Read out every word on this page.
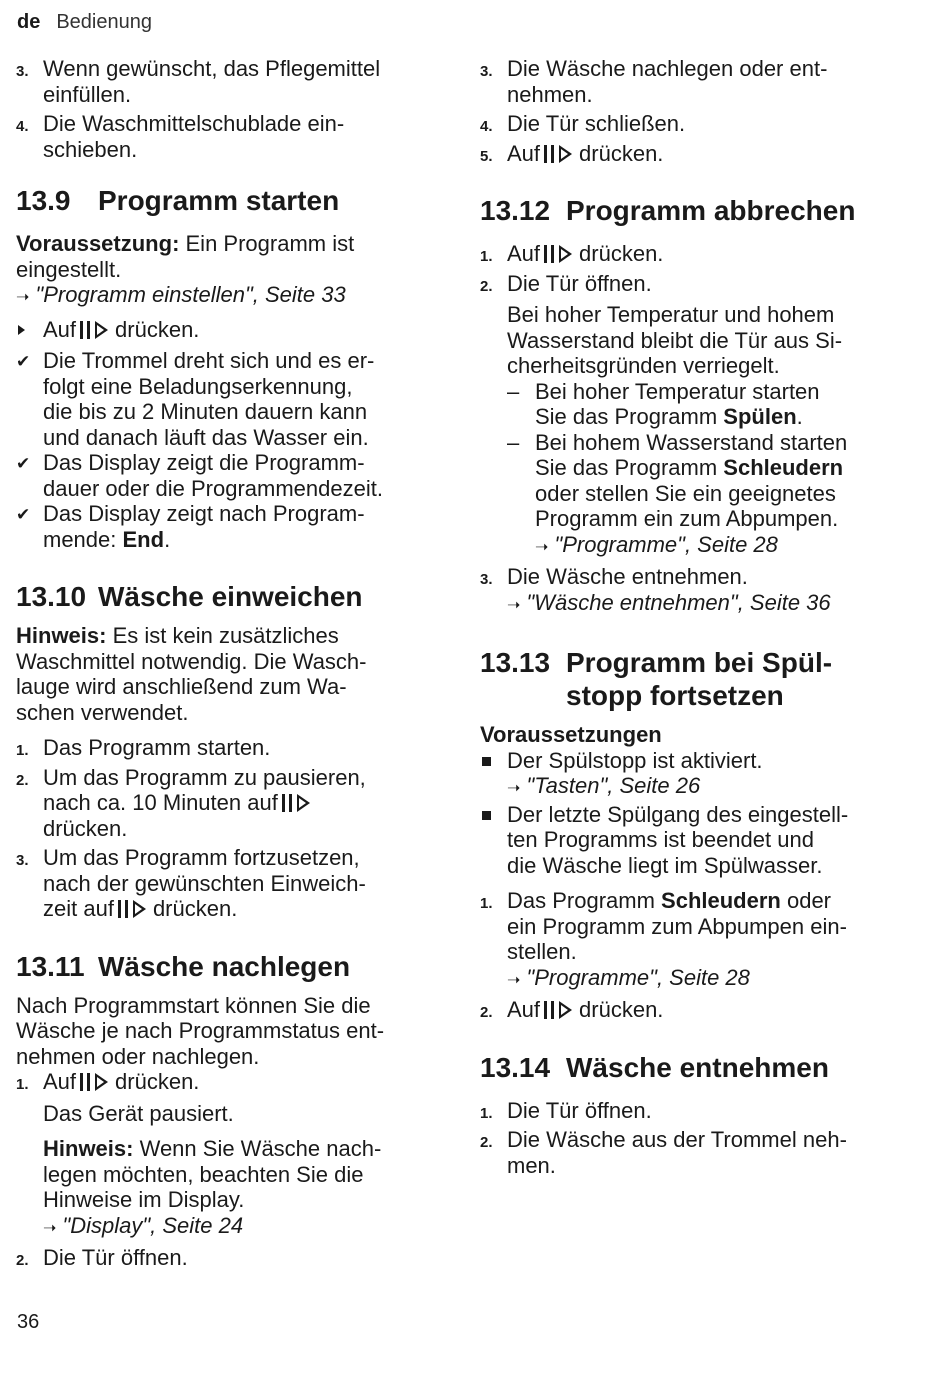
de Bedienung
3. Wenn gewünscht, das Pflegemittel
einfüllen.
4. Die Waschmittelschublade ein-
schieben.
13.9 Programm starten
Voraussetzung: Ein Programm ist
eingestellt.
➝ "Programm einstellen", Seite 33
Auf drücken.
✔ Die Trommel dreht sich und es er-
folgt eine Beladungserkennung,
die bis zu 2 Minuten dauern kann
und danach läuft das Wasser ein.
✔ Das Display zeigt die Programm-
dauer oder die Programmendezeit.
✔ Das Display zeigt nach Program-
mende: End.
13.10 Wäsche einweichen
Hinweis: Es ist kein zusätzliches
Waschmittel notwendig. Die Wasch-
lauge wird anschließend zum Wa-
schen verwendet.
1. Das Programm starten.
2. Um das Programm zu pausieren,
nach ca. 10 Minuten auf
drücken.
3. Um das Programm fortzusetzen,
nach der gewünschten Einweich-
zeit auf drücken.
13.11 Wäsche nachlegen
Nach Programmstart können Sie die
Wäsche je nach Programmstatus ent-
nehmen oder nachlegen.
1. Auf drücken.
Das Gerät pausiert.
Hinweis: Wenn Sie Wäsche nach-
legen möchten, beachten Sie die
Hinweise im Display.
➝ "Display", Seite 24
2. Die Tür öffnen.
3. Die Wäsche nachlegen oder ent-
nehmen.
4. Die Tür schließen.
5. Auf drücken.
13.12 Programm abbrechen
1. Auf drücken.
2. Die Tür öffnen.
Bei hoher Temperatur und hohem
Wasserstand bleibt die Tür aus Si-
cherheitsgründen verriegelt.
– Bei hoher Temperatur starten
Sie das Programm Spülen.
– Bei hohem Wasserstand starten
Sie das Programm Schleudern
oder stellen Sie ein geeignetes
Programm ein zum Abpumpen.
➝ "Programme", Seite 28
3. Die Wäsche entnehmen.
➝ "Wäsche entnehmen", Seite 36
13.13 Programm bei Spül-
stopp fortsetzen
Voraussetzungen
Der Spülstopp ist aktiviert.
➝ "Tasten", Seite 26
Der letzte Spülgang des eingestell-
ten Programms ist beendet und
die Wäsche liegt im Spülwasser.
1. Das Programm Schleudern oder
ein Programm zum Abpumpen ein-
stellen.
➝ "Programme", Seite 28
2. Auf drücken.
13.14 Wäsche entnehmen
1. Die Tür öffnen.
2. Die Wäsche aus der Trommel neh-
men.
36
